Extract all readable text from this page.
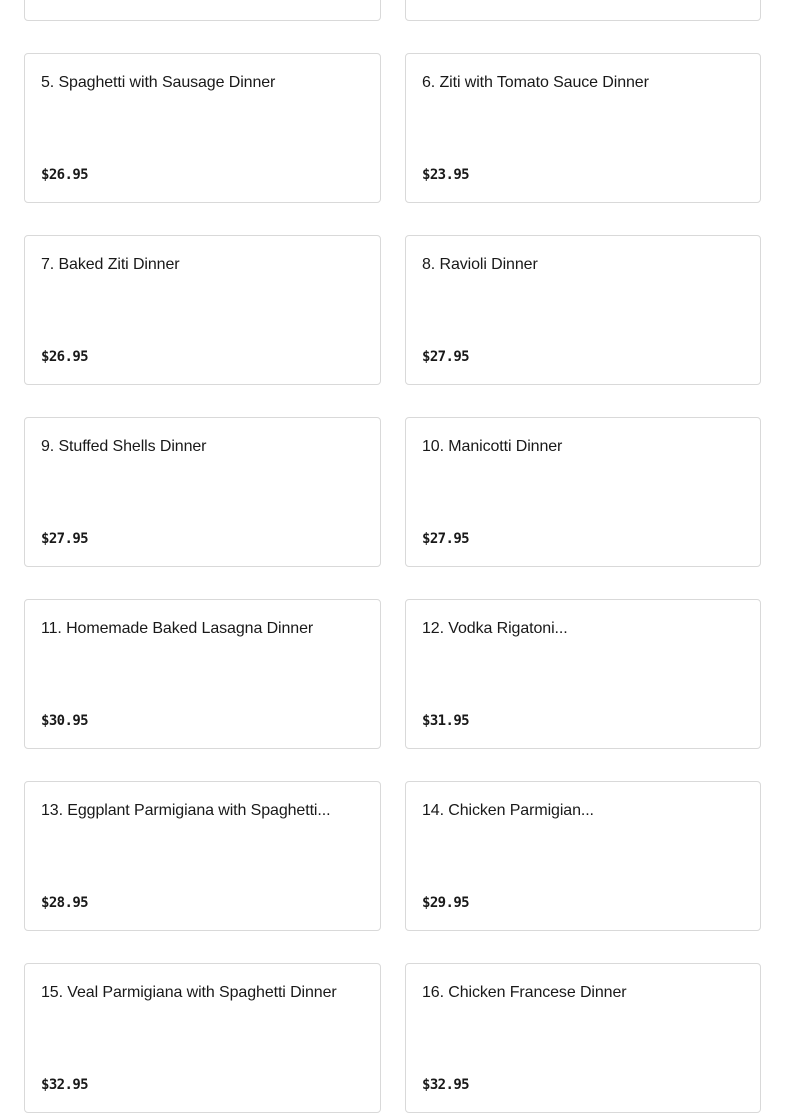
5. Spaghetti with Sausage Dinner
$26.95
6. Ziti with Tomato Sauce Dinner
$23.95
7. Baked Ziti Dinner
$26.95
8. Ravioli Dinner
$27.95
9. Stuffed Shells Dinner
$27.95
10. Manicotti Dinner
$27.95
11. Homemade Baked Lasagna Dinner
$30.95
12. Vodka Rigatoni...
$31.95
13. Eggplant Parmigiana with Spaghetti...
$28.95
14. Chicken Parmigian...
$29.95
15. Veal Parmigiana with Spaghetti Dinner
$32.95
16. Chicken Francese Dinner
$32.95
